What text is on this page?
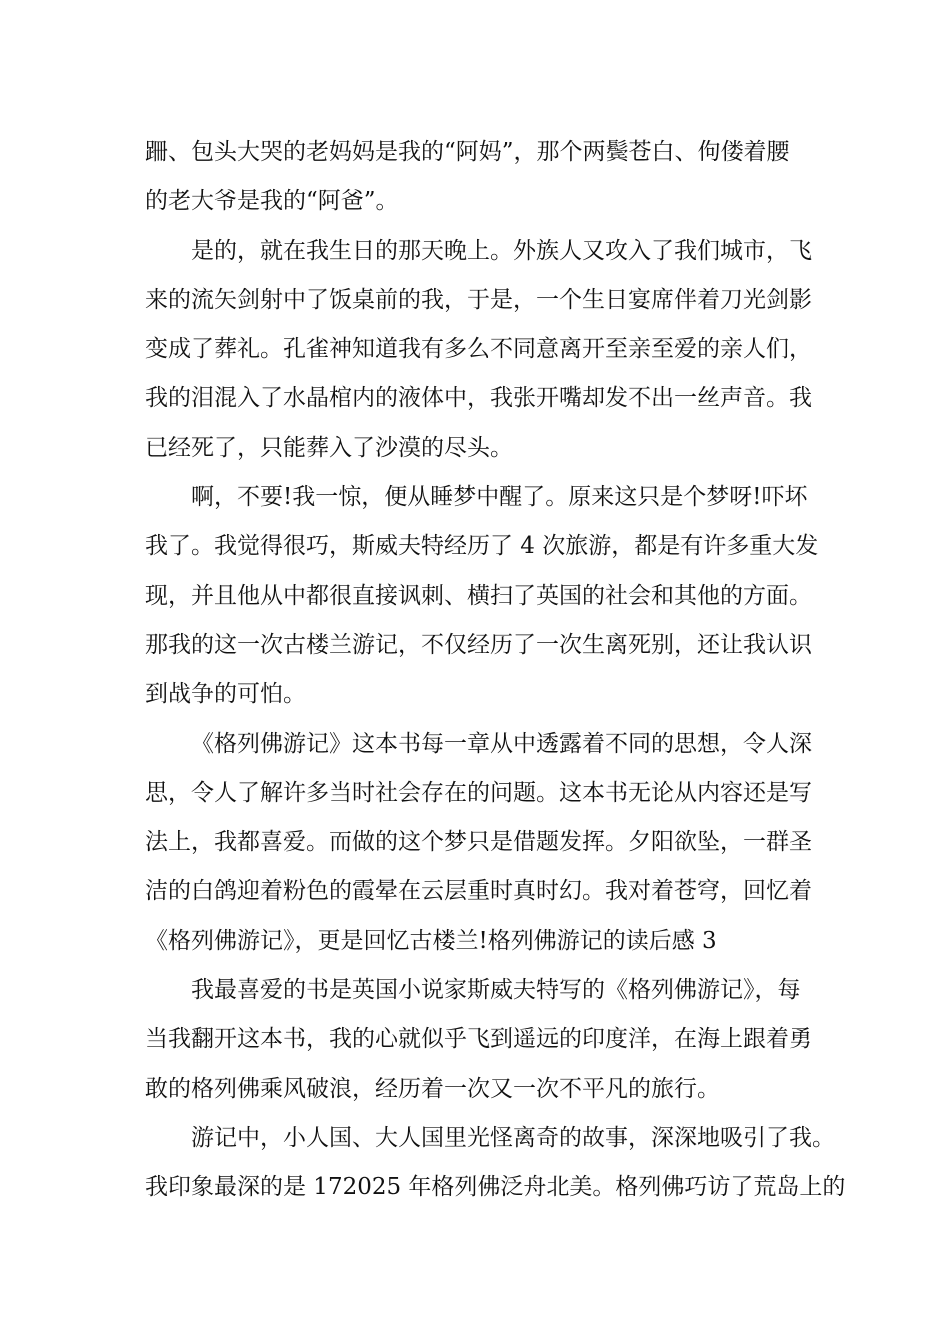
跚、包头大哭的老妈妈是我的“阿妈”，那个两鬓苍白、佝偻着腰
的老大爷是我的“阿爸”。
是的，就在我生日的那天晚上。外族人又攻入了我们城市，飞
来的流矢剑射中了饭桌前的我，于是，一个生日宴席伴着刀光剑影
变成了葬礼。孔雀神知道我有多么不同意离开至亲至爱的亲人们，
我的泪混入了水晶棺内的液体中，我张开嘴却发不出一丝声音。我
已经死了，只能葬入了沙漠的尽头。
啊，不要!我一惊，便从睡梦中醒了。原来这只是个梦呀!吓坏
我了。我觉得很巧，斯威夫特经历了 4 次旅游，都是有许多重大发
现，并且他从中都很直接讽刺、横扫了英国的社会和其他的方面。
那我的这一次古楼兰游记，不仅经历了一次生离死别，还让我认识
到战争的可怕。
《格列佛游记》这本书每一章从中透露着不同的思想，令人深
思，令人了解许多当时社会存在的问题。这本书无论从内容还是写
法上，我都喜爱。而做的这个梦只是借题发挥。夕阳欲坠，一群圣
洁的白鸽迎着粉色的霞晕在云层重时真时幻。我对着苍穹，回忆着
《格列佛游记》，更是回忆古楼兰!格列佛游记的读后感 3
我最喜爱的书是英国小说家斯威夫特写的《格列佛游记》，每
当我翻开这本书，我的心就似乎飞到遥远的印度洋，在海上跟着勇
敢的格列佛乘风破浪，经历着一次又一次不平凡的旅行。
游记中，小人国、大人国里光怪离奇的故事，深深地吸引了我。
我印象最深的是 172025 年格列佛泛舟北美。格列佛巧访了荒岛上的
